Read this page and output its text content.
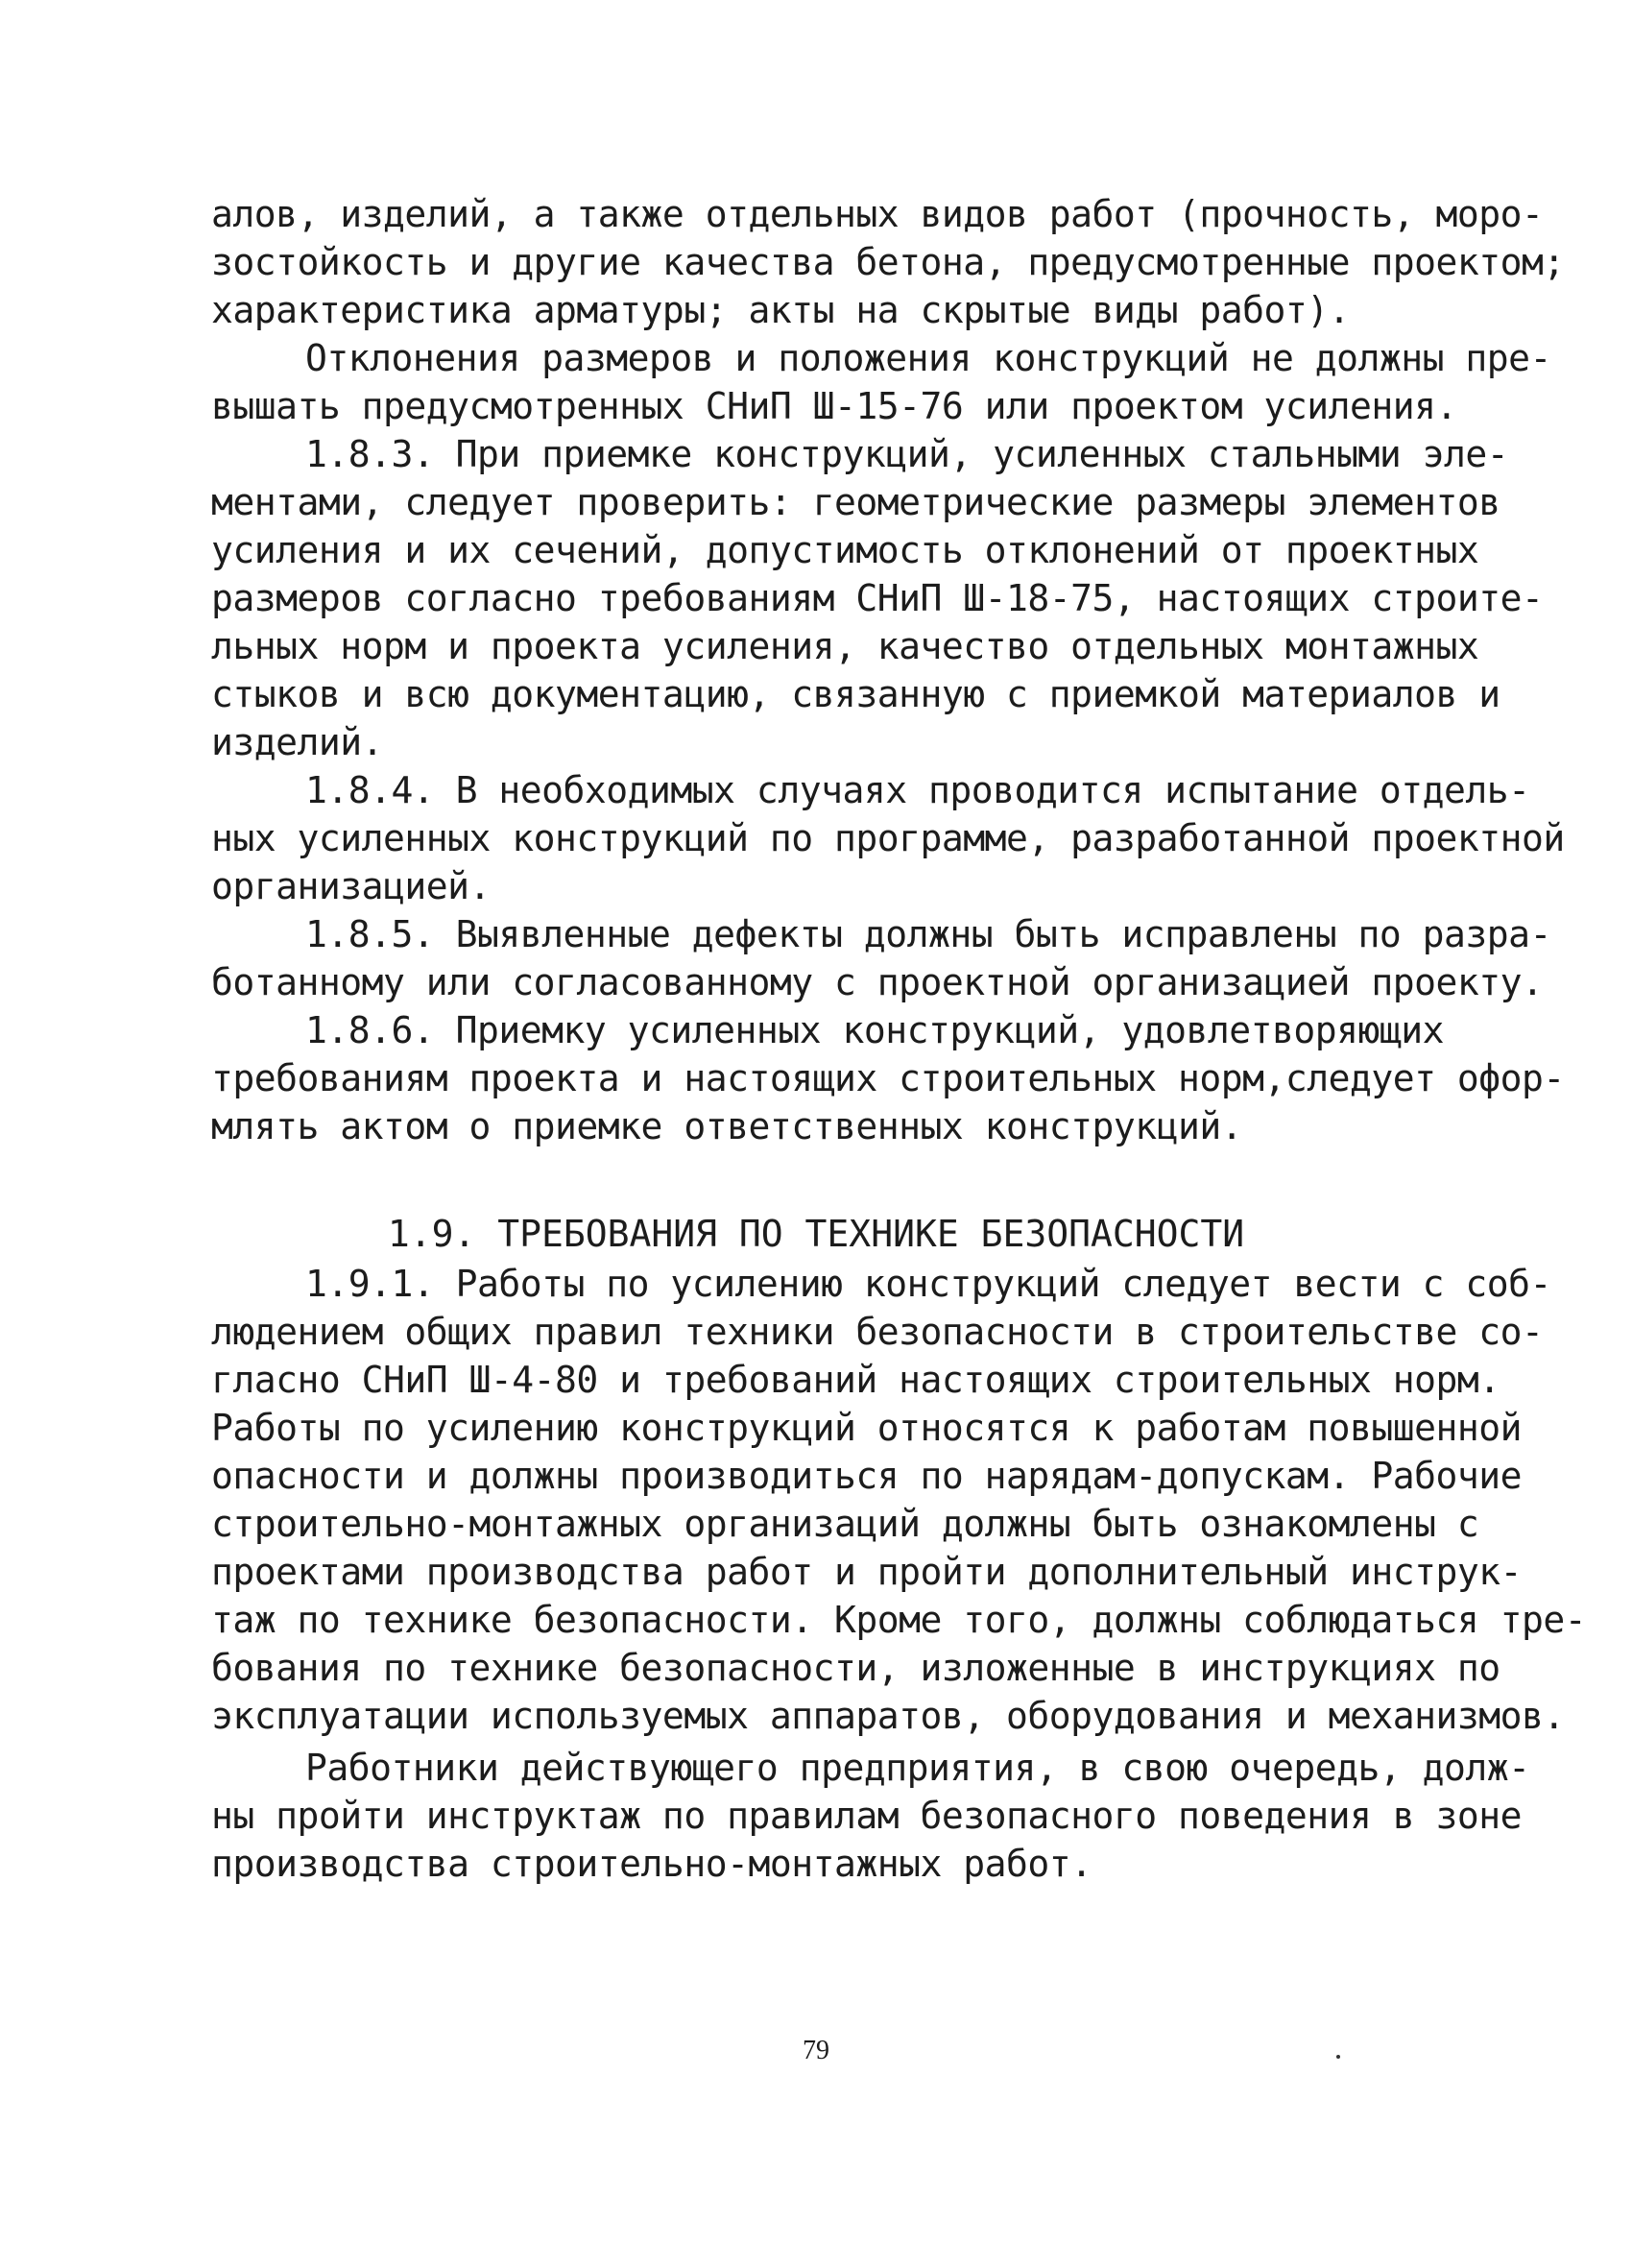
алов, изделий, а также отдельных видов работ (прочность, моро-
зостойкость и другие качества бетона, предусмотренные проектом;
характеристика арматуры; акты на скрытые виды работ).
Отклонения размеров и положения конструкций не должны пре-
вышать предусмотренных СНиП Ш-15-76 или проектом усиления.
1.8.3. При приемке конструкций, усиленных стальными эле-
ментами, следует проверить: геометрические размеры элементов
усиления и их сечений, допустимость отклонений от проектных
размеров согласно требованиям СНиП Ш-18-75, настоящих строите-
льных норм и проекта усиления, качество отдельных монтажных
стыков и всю документацию, связанную с приемкой материалов и
изделий.
1.8.4. В необходимых случаях проводится испытание отдель-
ных усиленных конструкций по программе, разработанной проектной
организацией.
1.8.5. Выявленные дефекты должны быть исправлены по разра-
ботанному или согласованному с проектной организацией проекту.
1.8.6. Приемку усиленных конструкций, удовлетворяющих
требованиям проекта и настоящих строительных норм,следует офор-
млять актом о приемке ответственных конструкций.
1.9. ТРЕБОВАНИЯ ПО ТЕХНИКЕ БЕЗОПАСНОСТИ
1.9.1. Работы по усилению конструкций следует вести с соб-
людением общих правил техники безопасности в строительстве со-
гласно СНиП Ш-4-80 и требований настоящих строительных норм.
Работы по усилению конструкций относятся к работам повышенной
опасности и должны производиться по нарядам-допускам. Рабочие
строительно-монтажных организаций должны быть ознакомлены с
проектами производства работ и пройти дополнительный инструк-
таж по технике безопасности. Кроме того, должны соблюдаться тре-
бования по технике безопасности, изложенные в инструкциях по
эксплуатации используемых аппаратов, оборудования и механизмов.
Работники действующего предприятия, в свою очередь, долж-
ны пройти инструктаж по правилам безопасного поведения в зоне
производства строительно-монтажных работ.
79
